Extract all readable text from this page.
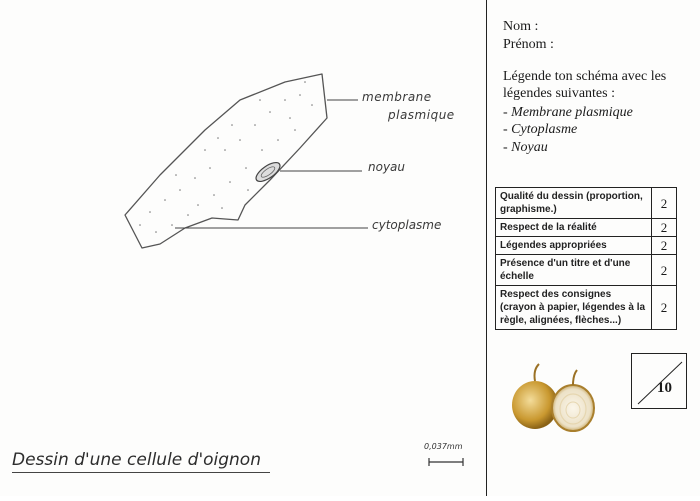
membrane
plasmique
noyau
cytoplasme
Dessin d'une cellule d'oignon
0,037mm
Nom :
Prénom :
Légende ton schéma avec les légendes suivantes :
- Membrane plasmique
- Cytoplasme
- Noyau
Qualité du dessin (proportion, graphisme.)	2
Respect de la réalité	2
Légendes appropriées	2
Présence d'un titre et d'une échelle	2
Respect des consignes (crayon à papier, légendes à la règle, alignées, flèches...)	2
10
